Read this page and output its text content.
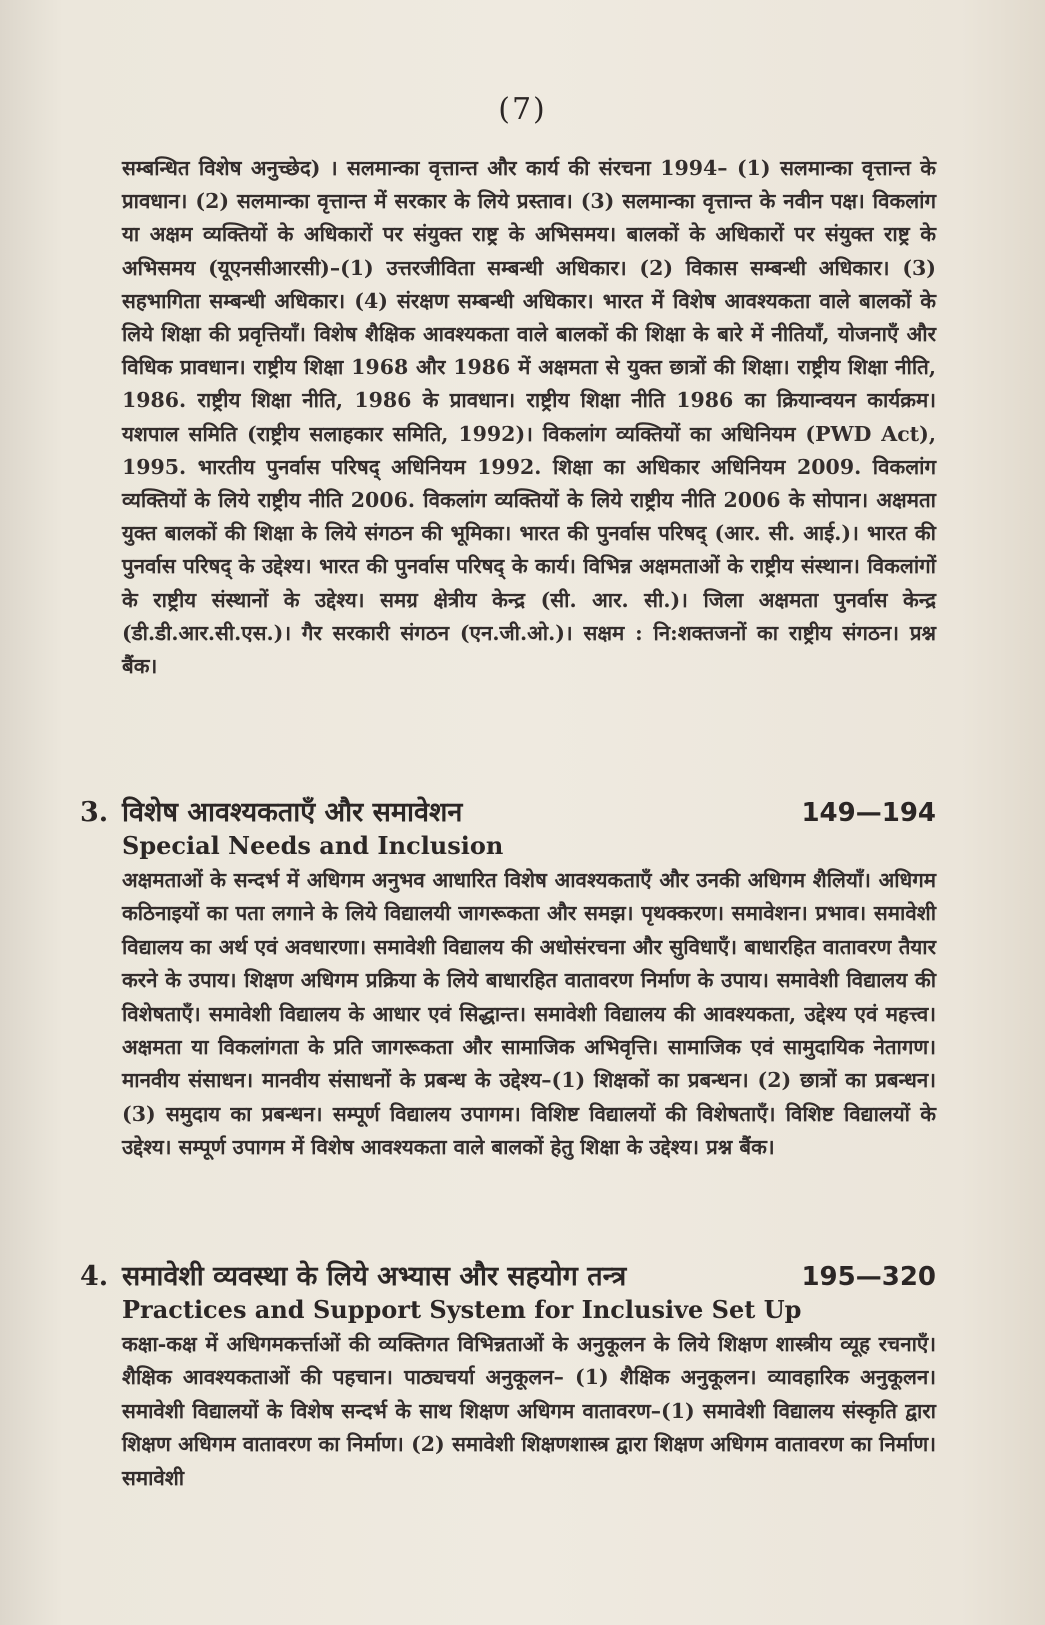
(7)
सम्बन्धित विशेष अनुच्छेद) । सलमान्का वृत्तान्त और कार्य की संरचना 1994– (1) सलमान्का वृत्तान्त के प्रावधान। (2) सलमान्का वृत्तान्त में सरकार के लिये प्रस्ताव। (3) सलमान्का वृत्तान्त के नवीन पक्ष। विकलांग या अक्षम व्यक्तियों के अधिकारों पर संयुक्त राष्ट्र के अभिसमय। बालकों के अधिकारों पर संयुक्त राष्ट्र के अभिसमय (यूएनसीआरसी)–(1) उत्तरजीविता सम्बन्धी अधिकार। (2) विकास सम्बन्धी अधिकार। (3) सहभागिता सम्बन्धी अधिकार। (4) संरक्षण सम्बन्धी अधिकार। भारत में विशेष आवश्यकता वाले बालकों के लिये शिक्षा की प्रवृत्तियाँ। विशेष शैक्षिक आवश्यकता वाले बालकों की शिक्षा के बारे में नीतियाँ, योजनाएँ और विधिक प्रावधान। राष्ट्रीय शिक्षा 1968 और 1986 में अक्षमता से युक्त छात्रों की शिक्षा। राष्ट्रीय शिक्षा नीति, 1986. राष्ट्रीय शिक्षा नीति, 1986 के प्रावधान। राष्ट्रीय शिक्षा नीति 1986 का क्रियान्वयन कार्यक्रम। यशपाल समिति (राष्ट्रीय सलाहकार समिति, 1992)। विकलांग व्यक्तियों का अधिनियम (PWD Act), 1995. भारतीय पुनर्वास परिषद् अधिनियम 1992. शिक्षा का अधिकार अधिनियम 2009. विकलांग व्यक्तियों के लिये राष्ट्रीय नीति 2006. विकलांग व्यक्तियों के लिये राष्ट्रीय नीति 2006 के सोपान। अक्षमता युक्त बालकों की शिक्षा के लिये संगठन की भूमिका। भारत की पुनर्वास परिषद् (आर. सी. आई.)। भारत की पुनर्वास परिषद् के उद्देश्य। भारत की पुनर्वास परिषद् के कार्य। विभिन्न अक्षमताओं के राष्ट्रीय संस्थान। विकलांगों के राष्ट्रीय संस्थानों के उद्देश्य। समग्र क्षेत्रीय केन्द्र (सी. आर. सी.)। जिला अक्षमता पुनर्वास केन्द्र (डी.डी.आर.सी.एस.)। गैर सरकारी संगठन (एन.जी.ओ.)। सक्षम : नि:शक्तजनों का राष्ट्रीय संगठन। प्रश्न बैंक।
3. विशेष आवश्यकताएँ और समावेशन	149—194
Special Needs and Inclusion
अक्षमताओं के सन्दर्भ में अधिगम अनुभव आधारित विशेष आवश्यकताएँ और उनकी अधिगम शैलियाँ। अधिगम कठिनाइयों का पता लगाने के लिये विद्यालयी जागरूकता और समझ। पृथक्करण। समावेशन। प्रभाव। समावेशी विद्यालय का अर्थ एवं अवधारणा। समावेशी विद्यालय की अधोसंरचना और सुविधाएँ। बाधारहित वातावरण तैयार करने के उपाय। शिक्षण अधिगम प्रक्रिया के लिये बाधारहित वातावरण निर्माण के उपाय। समावेशी विद्यालय की विशेषताएँ। समावेशी विद्यालय के आधार एवं सिद्धान्त। समावेशी विद्यालय की आवश्यकता, उद्देश्य एवं महत्त्व। अक्षमता या विकलांगता के प्रति जागरूकता और सामाजिक अभिवृत्ति। सामाजिक एवं सामुदायिक नेतागण। मानवीय संसाधन। मानवीय संसाधनों के प्रबन्ध के उद्देश्य–(1) शिक्षकों का प्रबन्धन। (2) छात्रों का प्रबन्धन। (3) समुदाय का प्रबन्धन। सम्पूर्ण विद्यालय उपागम। विशिष्ट विद्यालयों की विशेषताएँ। विशिष्ट विद्यालयों के उद्देश्य। सम्पूर्ण उपागम में विशेष आवश्यकता वाले बालकों हेतु शिक्षा के उद्देश्य। प्रश्न बैंक।
4. समावेशी व्यवस्था के लिये अभ्यास और सहयोग तन्त्र	195—320
Practices and Support System for Inclusive Set Up
कक्षा-कक्ष में अधिगमकर्त्ताओं की व्यक्तिगत विभिन्नताओं के अनुकूलन के लिये शिक्षण शास्त्रीय व्यूह रचनाएँ। शैक्षिक आवश्यकताओं की पहचान। पाठ्यचर्या अनुकूलन– (1) शैक्षिक अनुकूलन। व्यावहारिक अनुकूलन। समावेशी विद्यालयों के विशेष सन्दर्भ के साथ शिक्षण अधिगम वातावरण–(1) समावेशी विद्यालय संस्कृति द्वारा शिक्षण अधिगम वातावरण का निर्माण। (2) समावेशी शिक्षणशास्त्र द्वारा शिक्षण अधिगम वातावरण का निर्माण। समावेशी
